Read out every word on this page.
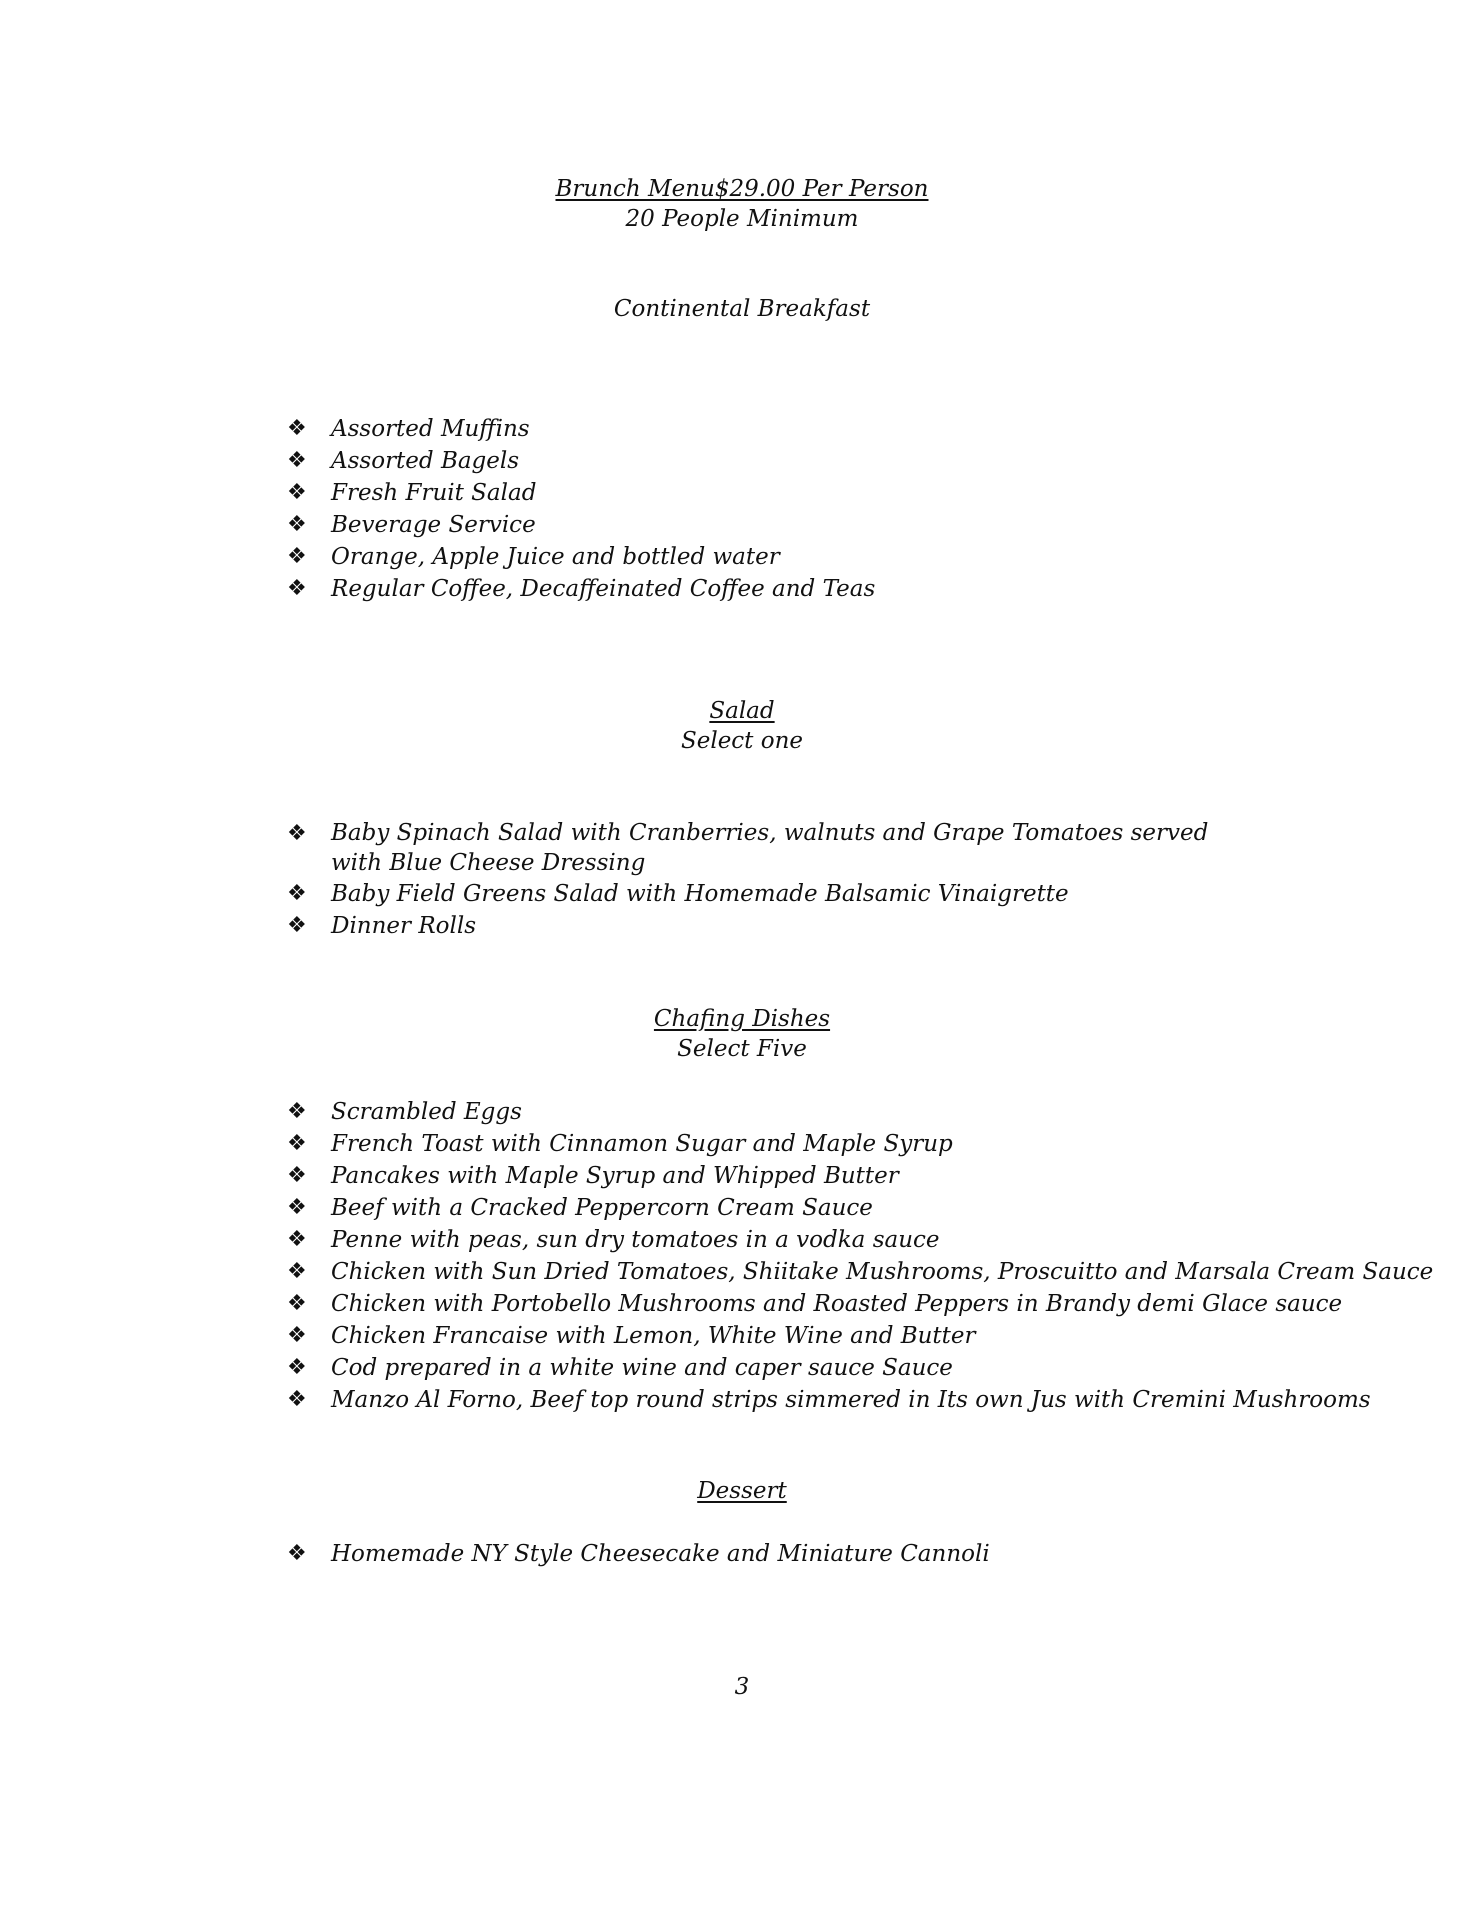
Brunch Menu$29.00 Per Person
20 People Minimum
Continental Breakfast
❖ Assorted Muffins
❖ Assorted Bagels
❖ Fresh Fruit Salad
❖ Beverage Service
❖ Orange, Apple Juice and bottled water
❖ Regular Coffee, Decaffeinated Coffee and Teas
Salad
Select one
❖ Baby Spinach Salad with Cranberries, walnuts and Grape Tomatoes served with Blue Cheese Dressing
❖ Baby Field Greens Salad with Homemade Balsamic Vinaigrette
❖ Dinner Rolls
Chafing Dishes
Select Five
❖ Scrambled Eggs
❖ French Toast with Cinnamon Sugar and Maple Syrup
❖ Pancakes with Maple Syrup and Whipped Butter
❖ Beef with a Cracked Peppercorn Cream Sauce
❖ Penne with peas, sun dry tomatoes in a vodka sauce
❖ Chicken with Sun Dried Tomatoes, Shiitake Mushrooms, Proscuitto and Marsala Cream Sauce
❖ Chicken with Portobello Mushrooms and Roasted Peppers in Brandy demi Glace sauce
❖ Chicken Francaise with Lemon, White Wine and Butter
❖ Cod prepared in a white wine and caper sauce Sauce
❖ Manzo Al Forno, Beef top round strips simmered in Its own Jus with Cremini Mushrooms
Dessert
❖ Homemade NY Style Cheesecake and Miniature Cannoli
3
